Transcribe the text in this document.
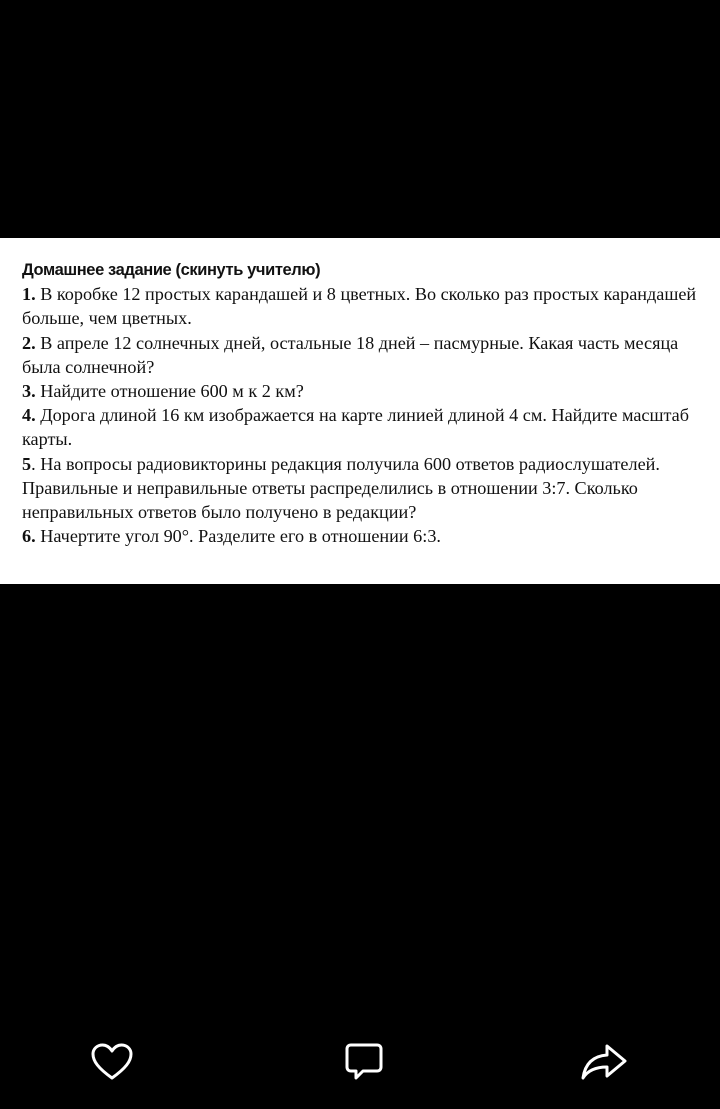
Домашнее задание (скинуть учителю)

1. В коробке 12 простых карандашей и 8 цветных. Во сколько раз простых карандашей больше, чем цветных.

2. В апреле 12 солнечных дней, остальные 18 дней – пасмурные. Какая часть месяца была солнечной?

3. Найдите отношение 600 м к 2 км?

4. Дорога длиной 16 км изображается на карте линией длиной 4 см. Найдите масштаб карты.

5. На вопросы радиовикторины редакция получила 600 ответов радиослушателей. Правильные и неправильные ответы распределились в отношении 3:7. Сколько неправильных ответов было получено в редакции?

6. Начертите угол 90°. Разделите его в отношении 6:3.
